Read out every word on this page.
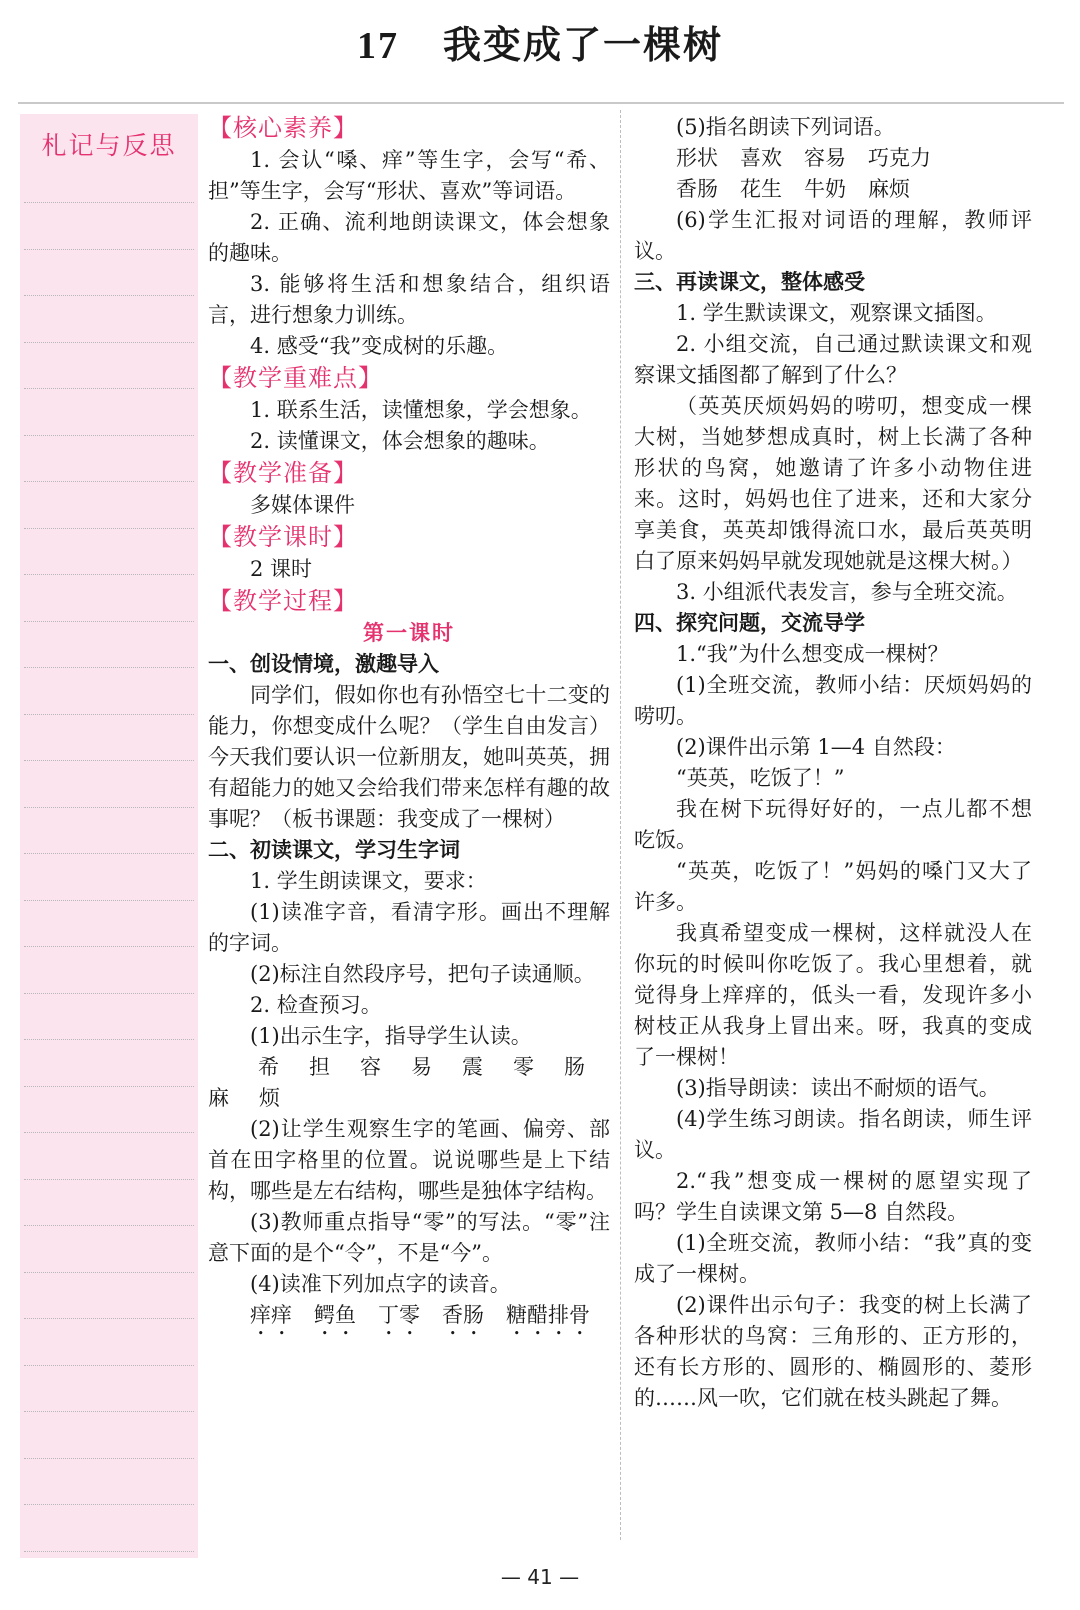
17 我变成了一棵树
札记与反思

【核心素养】

1. 会认“嗓、痒”等生字，会写“希、担”等生字，会写“形状、喜欢”等词语。

2. 正确、流利地朗读课文，体会想象的趣味。

3. 能够将生活和想象结合，组织语言，进行想象力训练。

4. 感受“我”变成树的乐趣。

【教学重难点】

1. 联系生活，读懂想象，学会想象。

2. 读懂课文，体会想象的趣味。

【教学准备】

多媒体课件

【教学课时】

2 课时

【教学过程】

第一课时

一、创设情境，激趣导入

同学们，假如你也有孙悟空七十二变的能力，你想变成什么呢？（学生自由发言）今天我们要认识一位新朋友，她叫英英，拥有超能力的她又会给我们带来怎样有趣的故事呢？（板书课题：我变成了一棵树）

二、初读课文，学习生字词

1. 学生朗读课文，要求：

(1)读准字音，看清字形。画出不理解的字词。

(2)标注自然段序号，把句子读通顺。

2. 检查预习。

(1)出示生字，指导学生认读。

希 担 容 易 震 零 肠

麻 烦

(2)让学生观察生字的笔画、偏旁、部首在田字格里的位置。说说哪些是上下结构，哪些是左右结构，哪些是独体字结构。

(3)教师重点指导“零”的写法。“零”注意下面的是个“令”，不是“今”。

(4)读准下列加点字的读音。

痒痒 鳄鱼 丁零 香肠 糖醋排骨

(5)指名朗读下列词语。

形状 喜欢 容易 巧克力

香肠 花生 牛奶 麻烦

(6)学生汇报对词语的理解，教师评议。

三、再读课文，整体感受

1. 学生默读课文，观察课文插图。

2. 小组交流，自己通过默读课文和观察课文插图都了解到了什么？

（英英厌烦妈妈的唠叨，想变成一棵大树，当她梦想成真时，树上长满了各种形状的鸟窝，她邀请了许多小动物住进来。这时，妈妈也住了进来，还和大家分享美食，英英却饿得流口水，最后英英明白了原来妈妈早就发现她就是这棵大树。）

3. 小组派代表发言，参与全班交流。

四、探究问题，交流导学

1.“我”为什么想变成一棵树？

(1)全班交流，教师小结：厌烦妈妈的唠叨。

(2)课件出示第 1—4 自然段：

“英英，吃饭了！”

我在树下玩得好好的，一点儿都不想吃饭。

“英英，吃饭了！”妈妈的嗓门又大了许多。

我真希望变成一棵树，这样就没人在你玩的时候叫你吃饭了。我心里想着，就觉得身上痒痒的，低头一看，发现许多小树枝正从我身上冒出来。呀，我真的变成了一棵树！

(3)指导朗读：读出不耐烦的语气。

(4)学生练习朗读。指名朗读，师生评议。

2.“我”想变成一棵树的愿望实现了吗？学生自读课文第 5—8 自然段。

(1)全班交流，教师小结：“我”真的变成了一棵树。

(2)课件出示句子：我变的树上长满了各种形状的鸟窝：三角形的、正方形的，还有长方形的、圆形的、椭圆形的、菱形的……风一吹，它们就在枝头跳起了舞。

— 41 —
